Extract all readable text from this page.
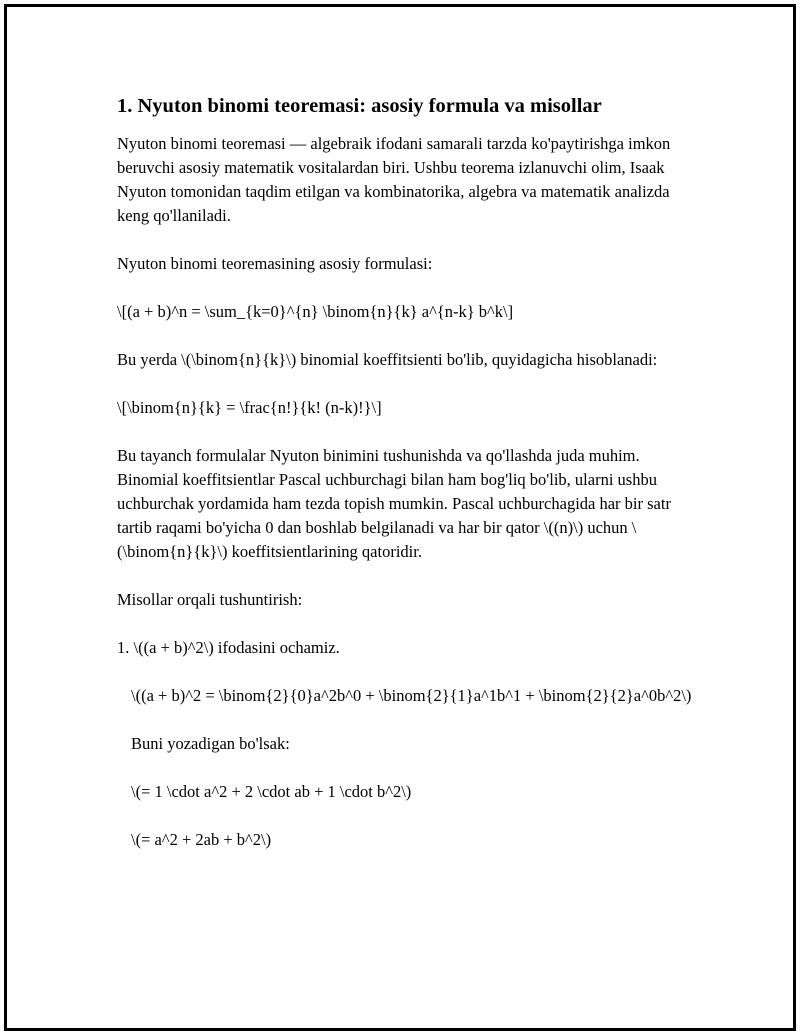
1. Nyuton binomi teoremasi: asosiy formula va misollar

Nyuton binomi teoremasi — algebraik ifodani samarali tarzda ko'paytirishga imkon beruvchi asosiy matematik vositalardan biri. Ushbu teorema izlanuvchi olim, Isaak Nyuton tomonidan taqdim etilgan va kombinatorika, algebra va matematik analizda keng qo'llaniladi.

Nyuton binomi teoremasining asosiy formulasi:

\[(a + b)^n = \sum_{k=0}^{n} \binom{n}{k} a^{n-k} b^k\]

Bu yerda \(\binom{n}{k}\) binomial koeffitsienti bo'lib, quyidagicha hisoblanadi:

\[\binom{n}{k} = \frac{n!}{k! (n-k)!}\]

Bu tayanch formulalar Nyuton binimini tushunishda va qo'llashda juda muhim. Binomial koeffitsientlar Pascal uchburchagi bilan ham bog'liq bo'lib, ularni ushbu uchburchak yordamida ham tezda topish mumkin. Pascal uchburchagida har bir satr tartib raqami bo'yicha 0 dan boshlab belgilanadi va har bir qator \((n)\) uchun \(\binom{n}{k}\) koeffitsientlarining qatoridir.

Misollar orqali tushuntirish:

1. \((a + b)^2\) ifodasini ochamiz.

\((a + b)^2 = \binom{2}{0}a^2b^0 + \binom{2}{1}a^1b^1 + \binom{2}{2}a^0b^2\)

Buni yozadigan bo'lsak:

\(= 1 \cdot a^2 + 2 \cdot ab + 1 \cdot b^2\)

\(= a^2 + 2ab + b^2\)
